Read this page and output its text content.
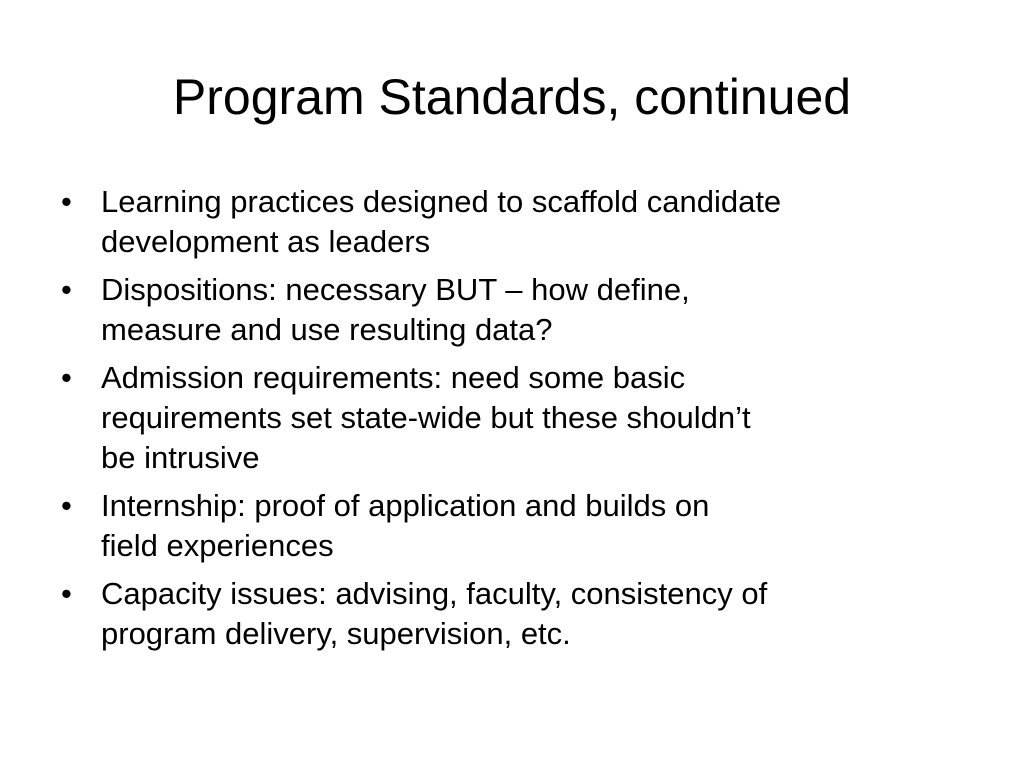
Program Standards, continued
• Learning practices designed to scaffold candidate
development as leaders
• Dispositions: necessary BUT – how define,
measure and use resulting data?
• Admission requirements: need some basic
requirements set state-wide but these shouldn’t
be intrusive
• Internship: proof of application and builds on
field experiences
• Capacity issues: advising, faculty, consistency of
program delivery, supervision, etc.
